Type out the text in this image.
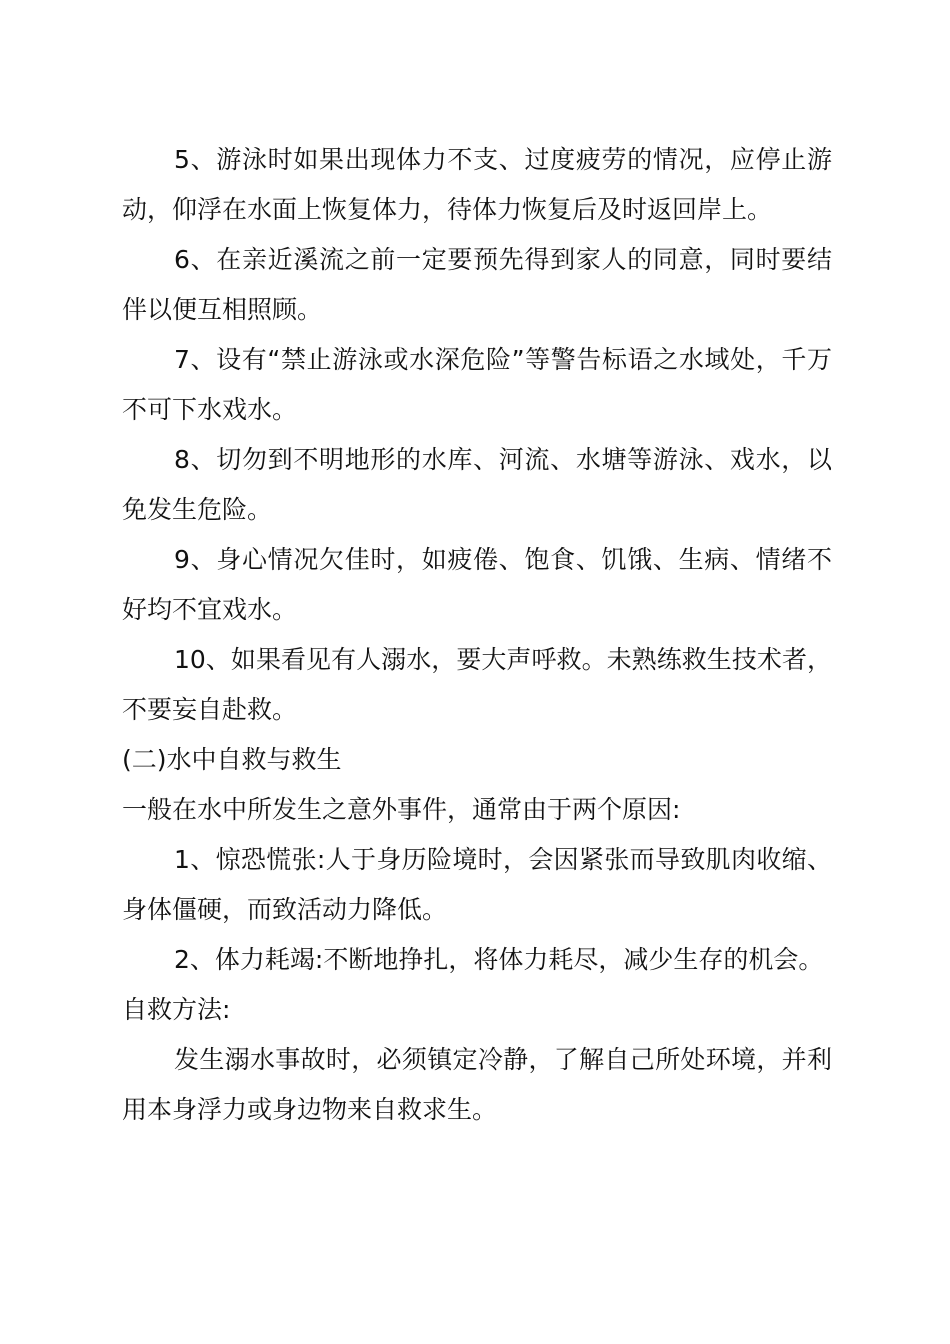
5、游泳时如果出现体力不支、过度疲劳的情况，应停止游动，仰浮在水面上恢复体力，待体力恢复后及时返回岸上。

6、在亲近溪流之前一定要预先得到家人的同意，同时要结伴以便互相照顾。

7、设有“禁止游泳或水深危险”等警告标语之水域处，千万不可下水戏水。

8、切勿到不明地形的水库、河流、水塘等游泳、戏水，以免发生危险。

9、身心情况欠佳时，如疲倦、饱食、饥饿、生病、情绪不好均不宜戏水。

10、如果看见有人溺水，要大声呼救。未熟练救生技术者，不要妄自赴救。

(二)水中自救与救生

一般在水中所发生之意外事件，通常由于两个原因:

1、惊恐慌张:人于身历险境时，会因紧张而导致肌肉收缩、身体僵硬，而致活动力降低。

2、体力耗竭:不断地挣扎，将体力耗尽，减少生存的机会。

自救方法:

发生溺水事故时，必须镇定冷静，了解自己所处环境，并利用本身浮力或身边物来自救求生。
